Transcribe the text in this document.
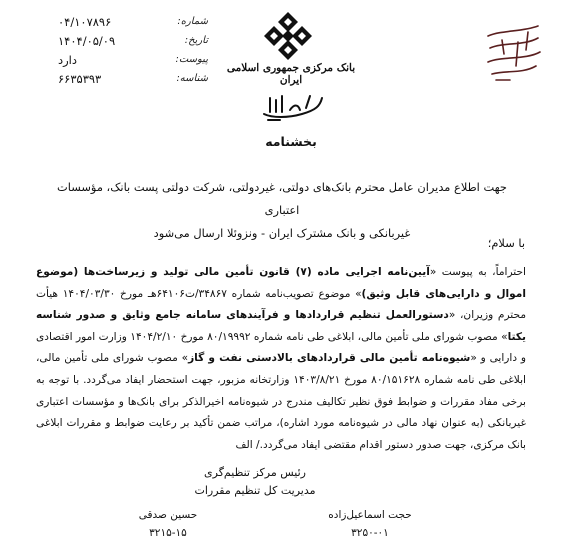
شماره:
۰۴/۱۰۷۸۹۶
تاریخ:
۱۴۰۴/۰۵/۰۹
پیوست:
دارد
شناسه:
۶۶۳۵۳۹۳
بانک مرکزی جمهوری اسلامی ایران
بخشنامه
جهت اطلاع مدیران عامل محترم بانک‌های دولتی، غیردولتی، شرکت دولتی پست بانک، مؤسسات اعتباری
غیربانکی و بانک مشترک ایران - ونزوئلا ارسال می‌شود
با سلام؛
احتراماً، به پیوست «آیین‌نامه اجرایی ماده (۷) قانون تأمین مالی تولید و زیرساخت‌ها (موضوع اموال و دارایی‌های قابل وثیق)» موضوع تصویب‌نامه شماره ۳۴۸۶۷/ت۶۴۱۰۶هـ مورخ ۱۴۰۴/۰۳/۳۰ هیأت محترم وزیران، «دستورالعمل تنظیم قراردادها و فرآیندهای سامانه جامع وثایق و صدور شناسه یکتا» مصوب شورای ملی تأمین مالی، ابلاغی طی نامه شماره ۸۰/۱۹۹۹۲ مورخ ۱۴۰۴/۲/۱۰ وزارت امور اقتصادی و دارایی و «شیوه‌نامه تأمین مالی قراردادهای بالادستی نفت و گاز» مصوب شورای ملی تأمین مالی، ابلاغی طی نامه شماره ۸۰/۱۵۱۶۲۸ مورخ ۱۴۰۳/۸/۲۱ وزارتخانه مزبور، جهت استحضار ایفاد می‌گردد. با توجه به برخی مفاد مقررات و ضوابط فوق نظیر تکالیف مندرج در شیوه‌نامه اخیرالذکر برای بانک‌ها و مؤسسات اعتباری غیربانکی (به عنوان نهاد مالی در شیوه‌نامه مورد اشاره)، مراتب ضمن تأکید بر رعایت ضوابط و مقررات ابلاغی بانک مرکزی، جهت صدور دستور اقدام مقتضی ایفاد می‌گردد./ الف
رئیس مرکز تنظیم‌گری
مدیریت کل تنظیم مقررات
حسین صدقی
۳۲۱۵-۱۵
حجت اسماعیل‌زاده
۳۲۵۰-۰۱
